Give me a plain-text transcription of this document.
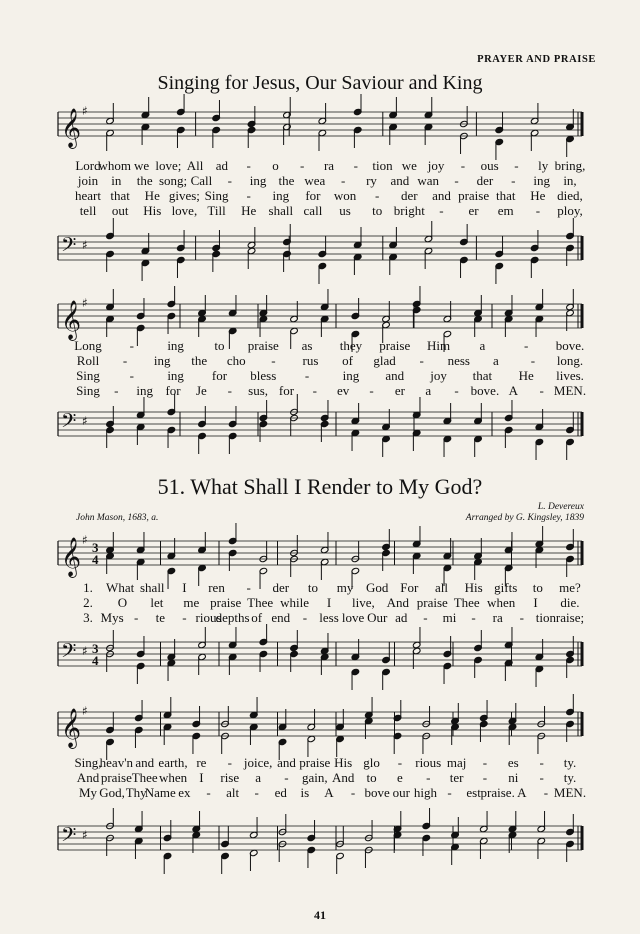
PRAYER AND PRAISE
Singing for Jesus, Our Saviour and King
𝄞 ♯
Lord
whom we love; All ad - o - ra - tion we joy - ous - ly bring,
join in the song; Call - ing the wea - ry and wan - der - ing in,
heart that He gives; Sing - ing for won - der and praise that He died,
tell out His love, Till He shall call us to bright - er em - ploy,
𝄢 ♯
𝄞 ♯
Long -	ing to praise as they praise Him a	- bove.
Roll - ing the cho - rus of glad - ness a - long.
Sing -	ing for bless -	ing and joy that He lives.
Sing - ing for Je - sus, for - ev - er a - bove. A - MEN.
𝄢 ♯
51. What Shall I Render to My God?
L. Devereux
John Mason, 1683, a.	Arranged by G. Kingsley, 1839
𝄞 ♯ 3
4
1. What shall I ren - der to my God For all His gifts to me?
2. O let me praise Thee while I live, And praise Thee when I die.
3. Mys - te - rious
depths of end - less love Our ad - mi - ra - tion raise;
𝄢 ♯ 3
4
𝄞 ♯
Sing,
heav'n and earth, re - joice, and praise His glo - rious maj - es - ty.
And praise Thee when I rise a - gain, And to e - ter - ni - ty.
My God, Thy
Name ex - alt - ed is A - bove our high - est praise. A - MEN.
𝄢 ♯
41
